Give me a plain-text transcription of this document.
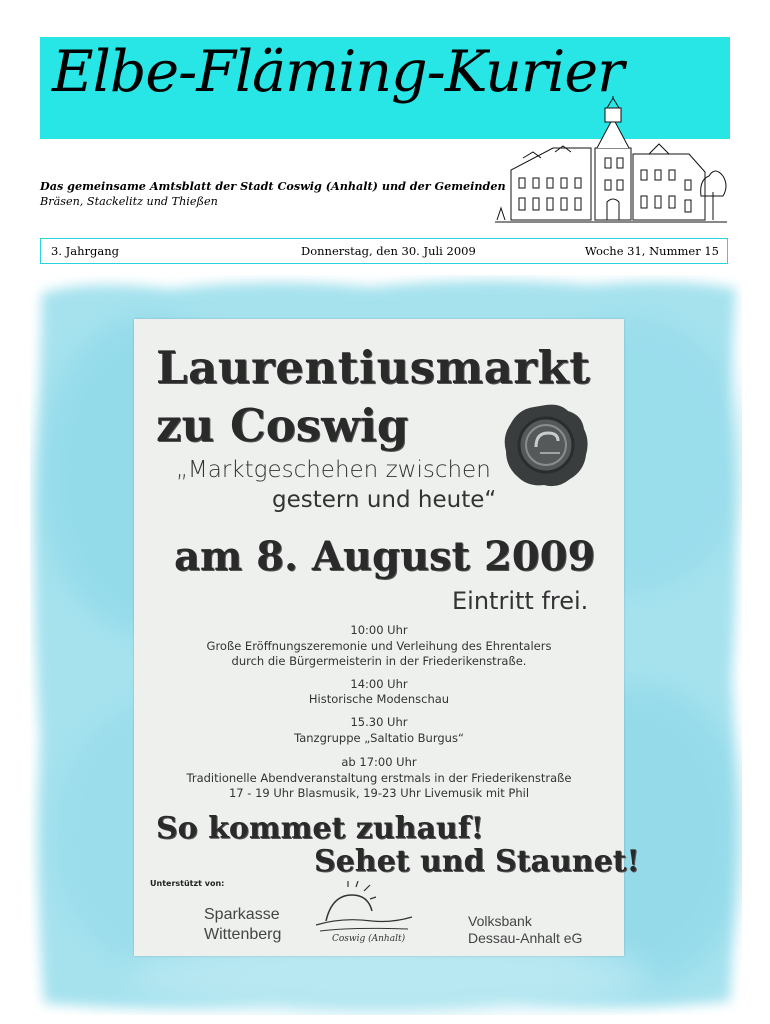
Elbe-Fläming-Kurier
Das gemeinsame Amtsblatt der Stadt Coswig (Anhalt) und der Gemeinden
Bräsen, Stackelitz und Thießen
3. Jahrgang	Donnerstag, den 30. Juli 2009	Woche 31, Nummer 15
Laurentiusmarkt
zu Coswig
„Marktgeschehen zwischen
gestern und heute“
am 8. August 2009
Eintritt frei.
10:00 Uhr
Große Eröffnungszeremonie und Verleihung des Ehrentalers
durch die Bürgermeisterin in der Friederikenstraße.
14:00 Uhr
Historische Modenschau
15.30 Uhr
Tanzgruppe „Saltatio Burgus“
ab 17:00 Uhr
Traditionelle Abendveranstaltung erstmals in der Friederikenstraße
17 - 19 Uhr Blasmusik, 19-23 Uhr Livemusik mit Phil
So kommet zuhauf!
Sehet und Staunet!
Unterstützt von:
Sparkasse
Wittenberg	Coswig (Anhalt)
Volksbank
Dessau-Anhalt eG
